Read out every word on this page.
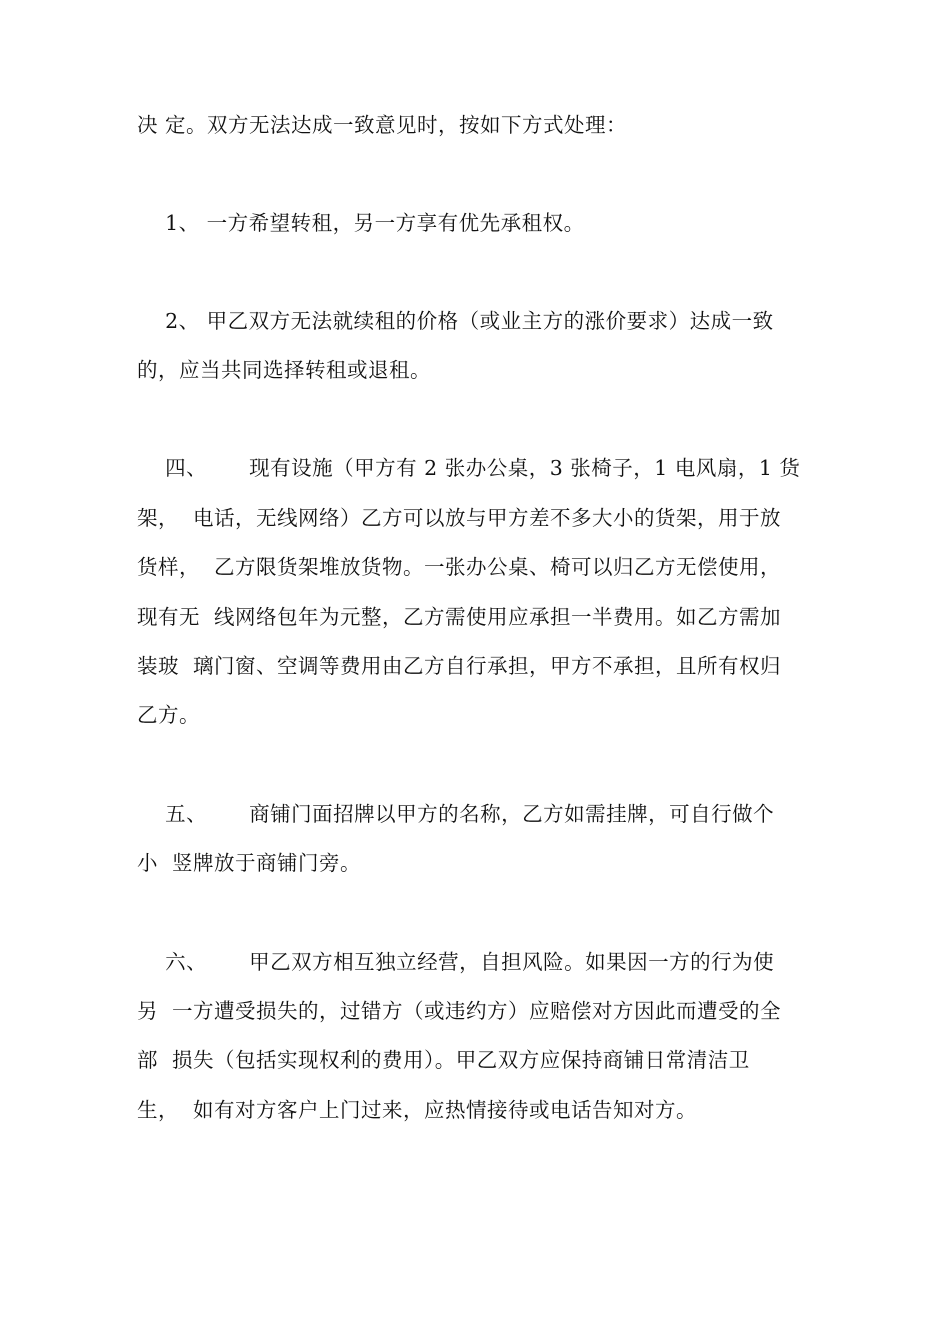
决 定。双方无法达成一致意见时，按如下方式处理：
1、 一方希望转租，另一方享有优先承租权。
2、 甲乙双方无法就续租的价格（或业主方的涨价要求）达成一致
的，应当共同选择转租或退租。
四、      现有设施（甲方有 2 张办公桌，3 张椅子，1 电风扇，1 货
架，  电话，无线网络）乙方可以放与甲方差不多大小的货架，用于放
货样，  乙方限货架堆放货物。一张办公桌、椅可以归乙方无偿使用，
现有无  线网络包年为元整，乙方需使用应承担一半费用。如乙方需加
装玻  璃门窗、空调等费用由乙方自行承担，甲方不承担，且所有权归
乙方。
五、      商铺门面招牌以甲方的名称，乙方如需挂牌，可自行做个
小  竖牌放于商铺门旁。
六、      甲乙双方相互独立经营，自担风险。如果因一方的行为使
另  一方遭受损失的，过错方（或违约方）应赔偿对方因此而遭受的全
部  损失（包括实现权利的费用）。甲乙双方应保持商铺日常清洁卫
生，  如有对方客户上门过来，应热情接待或电话告知对方。
